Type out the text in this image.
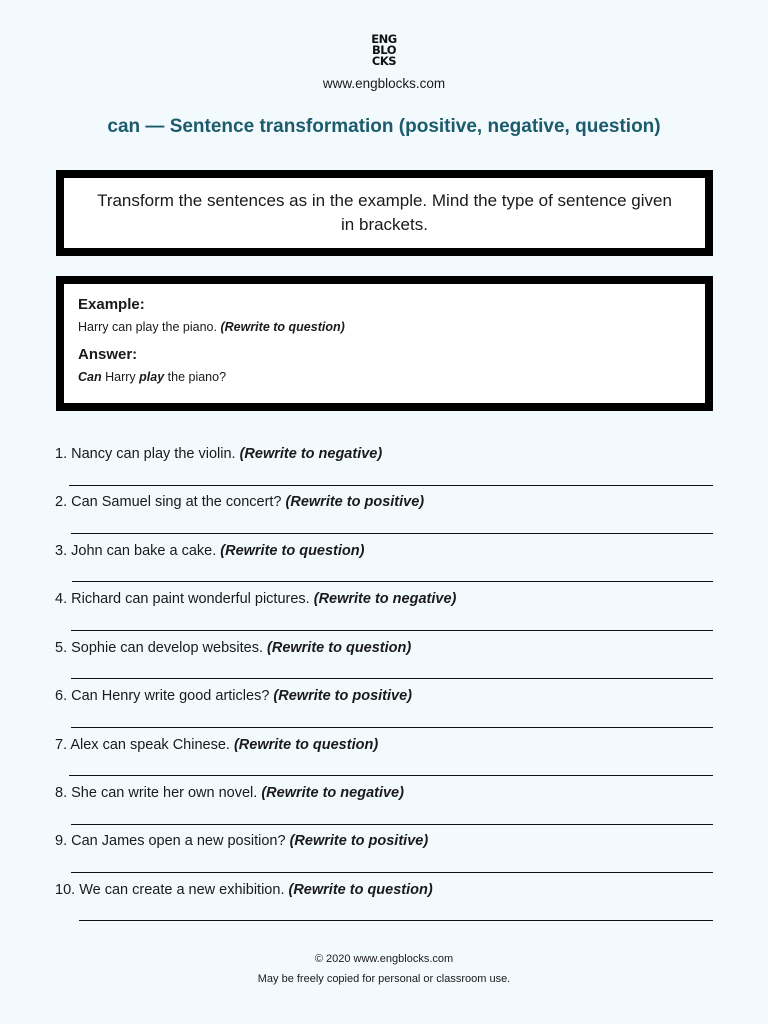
ENG
BLO
CKS
www.engblocks.com
can — Sentence transformation (positive, negative, question)
Transform the sentences as in the example. Mind the type of sentence given in brackets.

Example:

Harry can play the piano. (Rewrite to question)

Answer:

Can Harry play the piano?

1. Nancy can play the violin. (Rewrite to negative)
2. Can Samuel sing at the concert? (Rewrite to positive)
3. John can bake a cake. (Rewrite to question)
4. Richard can paint wonderful pictures. (Rewrite to negative)
5. Sophie can develop websites. (Rewrite to question)
6. Can Henry write good articles? (Rewrite to positive)
7. Alex can speak Chinese. (Rewrite to question)
8. She can write her own novel. (Rewrite to negative)
9. Can James open a new position? (Rewrite to positive)
10. We can create a new exhibition. (Rewrite to question)
© 2020 www.engblocks.com
May be freely copied for personal or classroom use.
